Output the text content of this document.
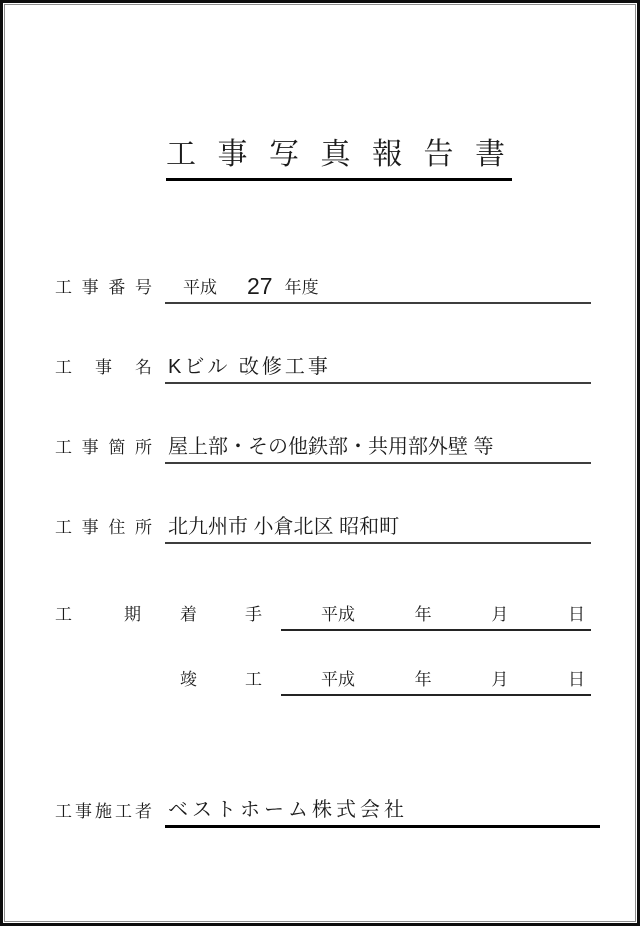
工 事 写 真 報 告 書
工 事 番 号 平成 27 年度
工 事 名 Kビル 改修工事
工 事 箇 所 屋上部・その他鉄部・共用部外壁 等
工 事 住 所 北九州市 小倉北区 昭和町
工 期 着 手	平成	年	月	日
竣 工	平成	年	月	日
工事施工者 ベストホーム株式会社
